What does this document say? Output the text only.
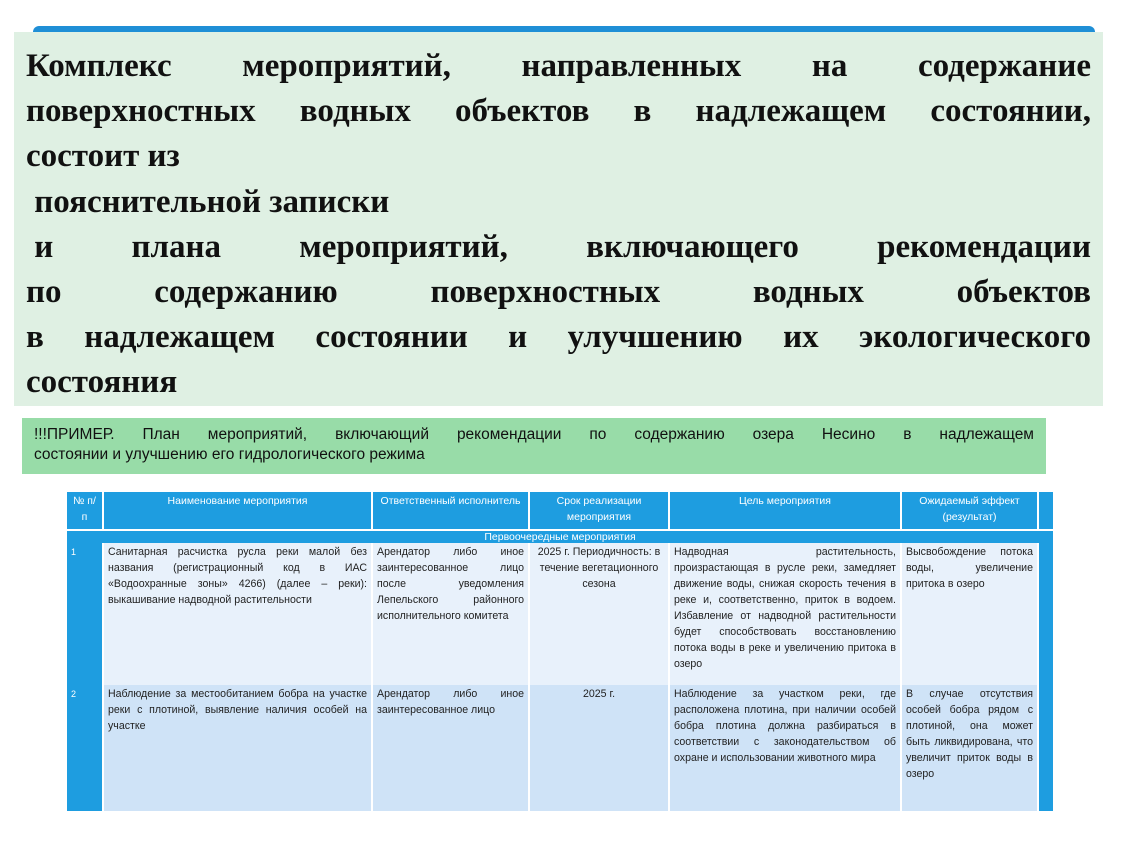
Комплекс мероприятий, направленных на содержание
поверхностных водных объектов в надлежащем состоянии,
состоит из
пояснительной записки
и плана мероприятий, включающего рекомендации
по	содержанию	поверхностных	водных	объектов
в надлежащем состоянии и улучшению их экологического
состояния
!!!ПРИМЕР. План мероприятий, включающий рекомендации по содержанию озера Несино в надлежащем
состоянии и улучшению его гидрологического режима
№ п/п	Наименование мероприятия	Ответственный исполнитель	Срок реализации мероприятия	Цель мероприятия	Ожидаемый эффект (результат)	
Первоочередные мероприятия						
1	Санитарная расчистка русла реки малой без названия (регистрационный код в ИАС «Водоохранные зоны» 4266) (далее – реки): выкашивание надводной растительности	Арендатор либо иное заинтересованное лицо после уведомления Лепельского районного исполнительного комитета	2025 г. Периодичность: в течение вегетационного сезона	Надводная растительность, произрастающая в русле реки, замедляет движение воды, снижая скорость течения в реке и, соответственно, приток в водоем. Избавление от надводной растительности будет способствовать восстановлению потока воды в реке и увеличению притока в озеро	Высвобождение потока воды, увеличение притока в озеро	
2	Наблюдение за местообитанием бобра на участке реки с плотиной, выявление наличия особей на участке	Арендатор либо иное заинтересованное лицо	2025 г.	Наблюдение за участком реки, где расположена плотина, при наличии особей бобра плотина должна разбираться в соответствии с законодательством об охране и использовании животного мира	В случае отсутствия особей бобра рядом с плотиной, она может быть ликвидирована, что увеличит приток воды в озеро	
